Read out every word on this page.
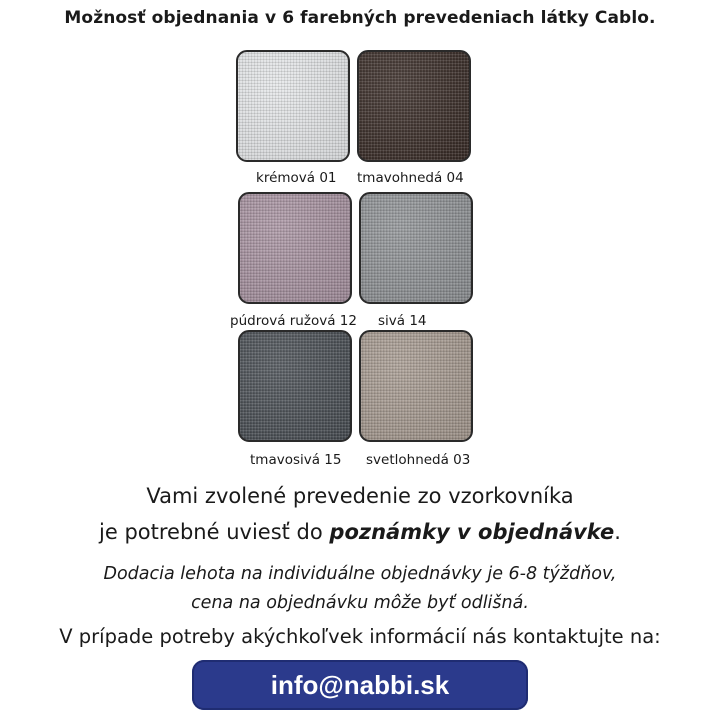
Možnosť objednania v 6 farebných prevedeniach látky Cablo.
krémová 01 tmavohnedá 04
púdrová ružová 12 sivá 14
tmavosivá 15 svetlohnedá 03
Vami zvolené prevedenie zo vzorkovníka
je potrebné uviesť do poznámky v objednávke.
Dodacia lehota na individuálne objednávky je 6-8 týždňov,
cena na objednávku môže byť odlišná.
V prípade potreby akýchkoľvek informácií nás kontaktujte na:
info@nabbi.sk
